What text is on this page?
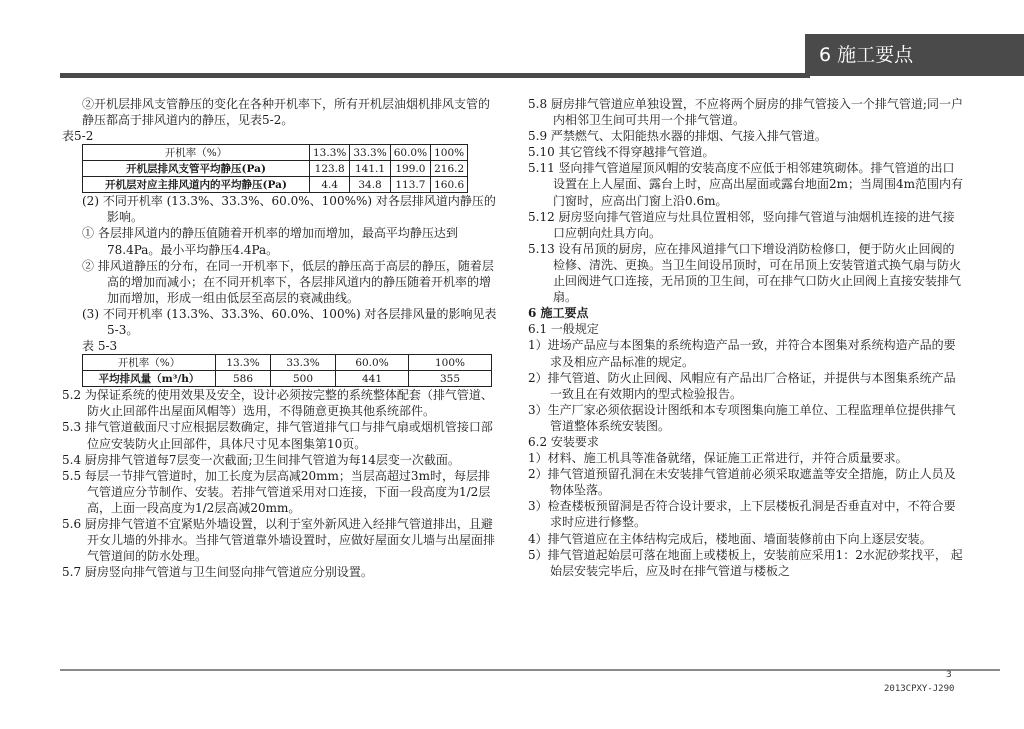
6 施工要点

②开机层排风支管静压的变化在各种开机率下，所有开机层油烟机排风支管的静压都高于排风道内的静压，见表5-2。

表5-2

开机率（%）	13.3%	33.3%	60.0%	100%
开机层排风支管平均静压(Pa)	123.8	141.1	199.0	216.2
开机层对应主排风道内的平均静压(Pa)	4.4	34.8	113.7	160.6

(2) 不同开机率 (13.3%、33.3%、60.0%、100%%) 对各层排风道内静压的影响。

① 各层排风道内的静压值随着开机率的增加而增加，最高平均静压达到78.4Pa。最小平均静压4.4Pa。

② 排风道静压的分布，在同一开机率下，低层的静压高于高层的静压，随着层高的增加而减小；在不同开机率下，各层排风道内的静压随着开机率的增加而增加，形成一组由低层至高层的衰减曲线。

(3) 不同开机率 (13.3%、33.3%、60.0%、100%) 对各层排风量的影响见表5-3。

表 5-3

开机率（%）	13.3%	33.3%	60.0%	100%
平均排风量（m³/h）	586	500	441	355

5.2 为保证系统的使用效果及安全，设计必须按完整的系统整体配套（排气管道、防火止回部件出屋面风帽等）选用，不得随意更换其他系统部件。

5.3 排气管道截面尺寸应根据层数确定，排气管道排气口与排气扇或烟机管接口部位应安装防火止回部件，具体尺寸见本图集第10页。

5.4 厨房排气管道每7层变一次截面;卫生间排气管道为每14层变一次截面。

5.5 每层一节排气管道时，加工长度为层高减20mm；当层高超过3m时，每层排气管道应分节制作、安装。若排气管道采用对口连接，下面一段高度为1/2层高，上面一段高度为1/2层高减20mm。

5.6 厨房排气管道不宜紧贴外墙设置，以利于室外新风进入经排气管道排出，且避开女儿墙的外排水。当排气管道靠外墙设置时，应做好屋面女儿墙与出屋面排气管道间的防水处理。

5.7 厨房竖向排气管道与卫生间竖向排气管道应分别设置。

5.8 厨房排气管道应单独设置，不应将两个厨房的排气管接入一个排气管道;同一户内相邻卫生间可共用一个排气管道。

5.9 严禁燃气、太阳能热水器的排烟、气接入排气管道。

5.10 其它管线不得穿越排气管道。

5.11 竖向排气管道屋顶风帽的安装高度不应低于相邻建筑砌体。排气管道的出口设置在上人屋面、露台上时，应高出屋面或露台地面2m；当周围4m范围内有门窗时，应高出门窗上沿0.6m。

5.12 厨房竖向排气管道应与灶具位置相邻，竖向排气管道与油烟机连接的进气接口应朝向灶具方向。

5.13 设有吊顶的厨房，应在排风道排气口下增设消防检修口，便于防火止回阀的检修、清洗、更换。当卫生间设吊顶时，可在吊顶上安装管道式换气扇与防火止回阀进气口连接，无吊顶的卫生间，可在排气口防火止回阀上直接安装排气扇。

6 施工要点

6.1 一般规定

1）进场产品应与本图集的系统构造产品一致，并符合本图集对系统构造产品的要求及相应产品标准的规定。

2）排气管道、防火止回阀、风帽应有产品出厂合格证，并提供与本图集系统产品一致且在有效期内的型式检验报告。

3）生产厂家必须依据设计图纸和本专项图集向施工单位、工程监理单位提供排气管道整体系统安装图。

6.2 安装要求

1）材料、施工机具等准备就绪，保证施工正常进行，并符合质量要求。

2）排气管道预留孔洞在未安装排气管道前必须采取遮盖等安全措施，防止人员及物体坠落。

3）检查楼板预留洞是否符合设计要求，上下层楼板孔洞是否垂直对中，不符合要求时应进行修整。

4）排气管道应在主体结构完成后，楼地面、墙面装修前由下向上逐层安装。

5）排气管道起始层可落在地面上或楼板上，安装前应采用1：2水泥砂浆找平， 起始层安装完毕后，应及时在排气管道与楼板之

3
2013CPXY-J290
